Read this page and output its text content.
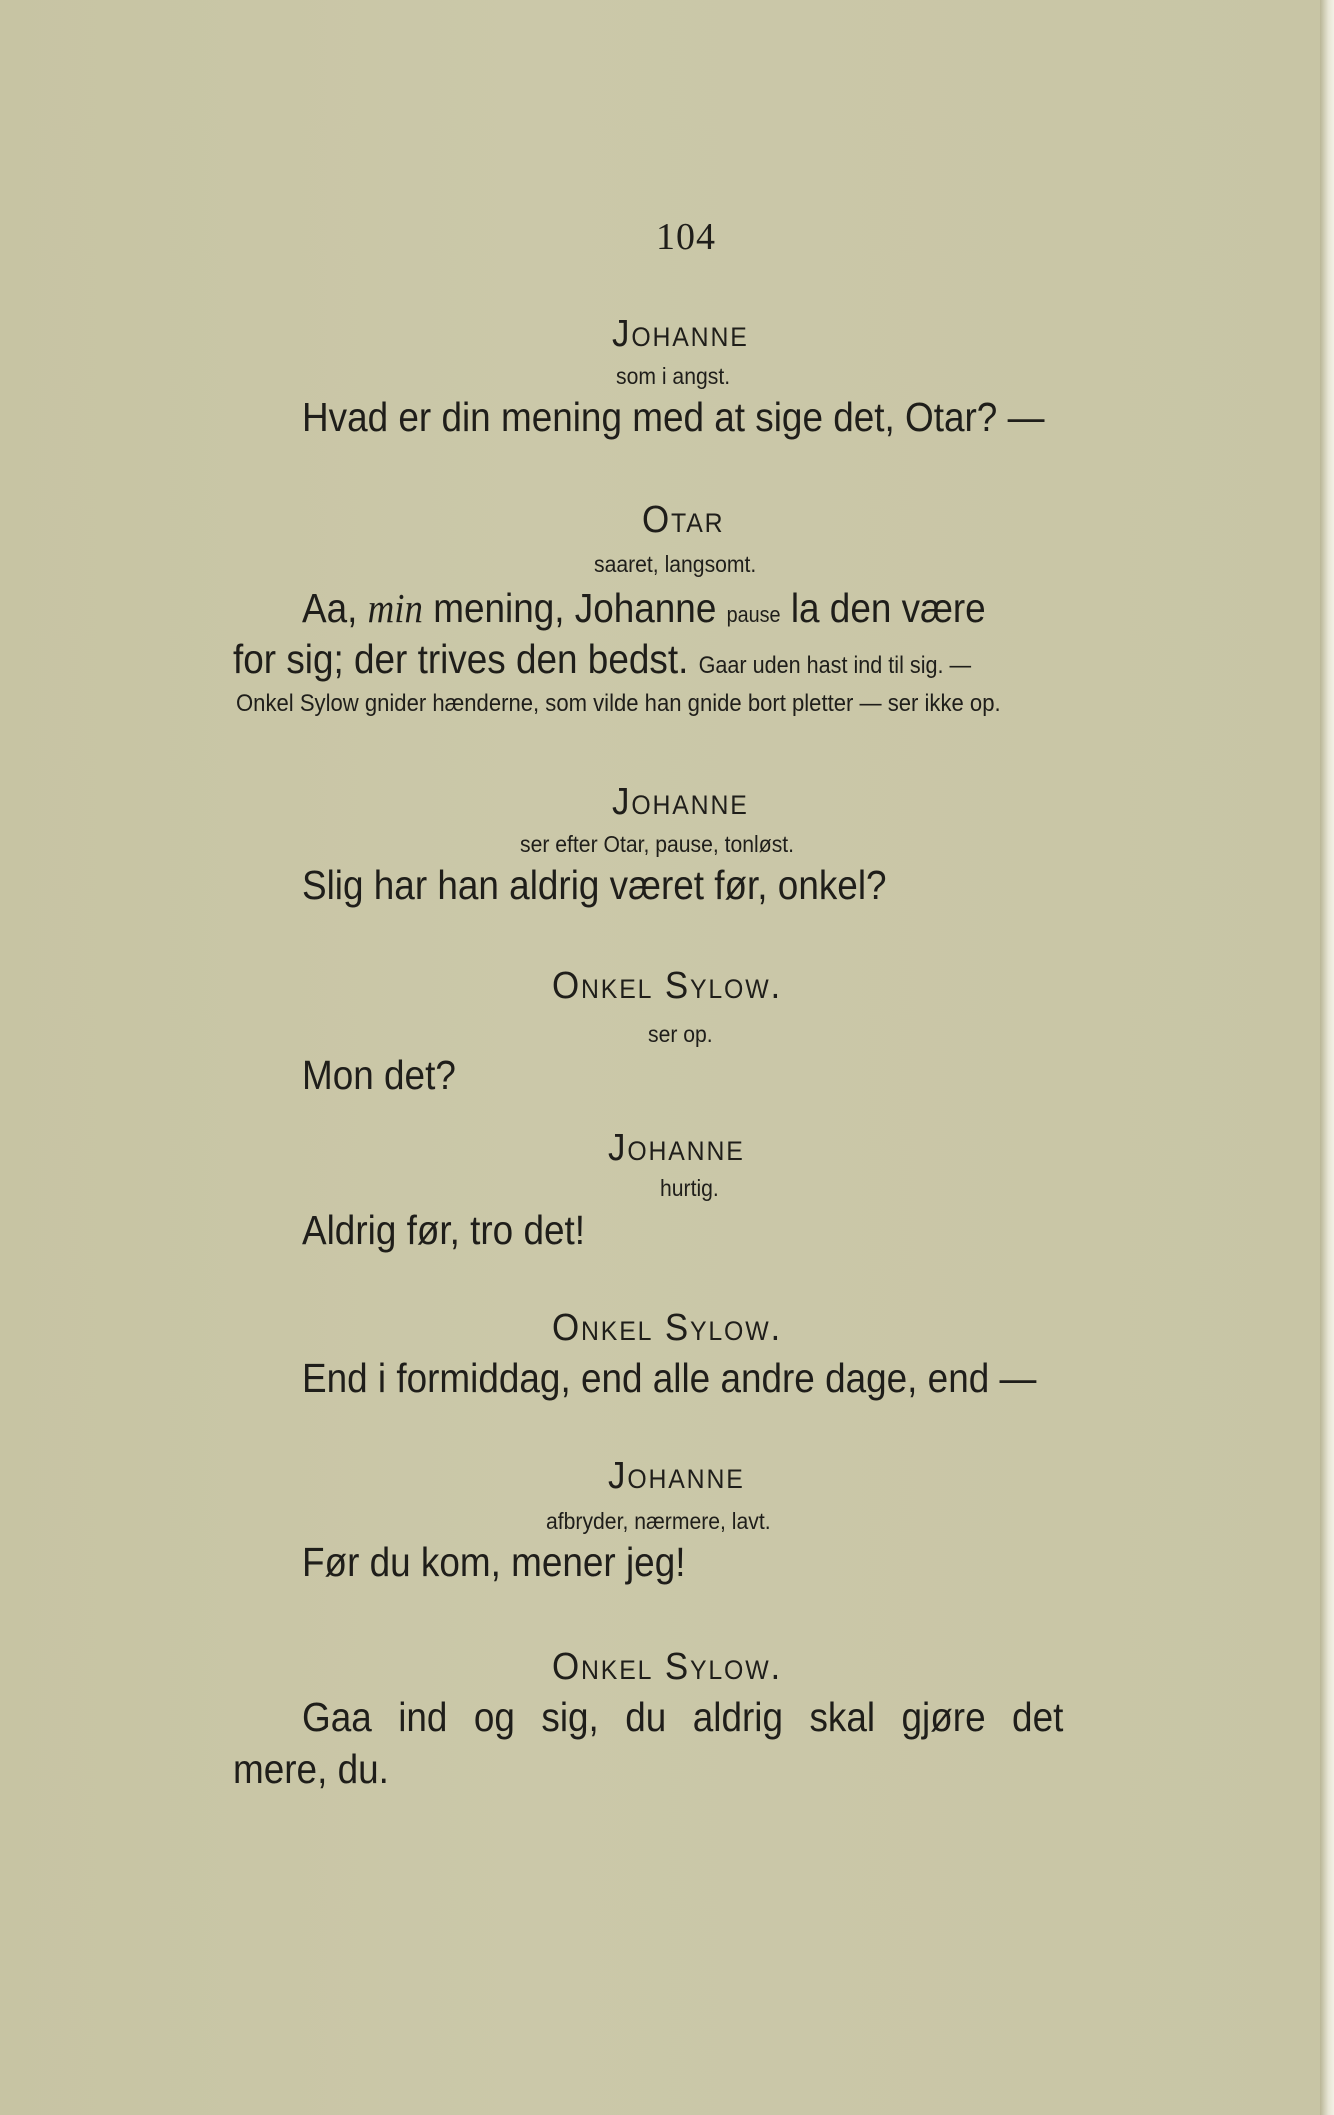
104
Johanne
som i angst.
Hvad er din mening med at sige det, Otar? —
Otar
saaret, langsomt.
Aa, min mening, Johanne pause la den være
for sig; der trives den bedst. Gaar uden hast ind til sig. —
Onkel Sylow gnider hænderne, som vilde han gnide bort pletter — ser ikke op.
Johanne
ser efter Otar, pause, tonløst.
Slig har han aldrig været før, onkel?
Onkel Sylow.
ser op.
Mon det?
Johanne
hurtig.
Aldrig før, tro det!
Onkel Sylow.
End i formiddag, end alle andre dage, end —
Johanne
afbryder, nærmere, lavt.
Før du kom, mener jeg!
Onkel Sylow.
Gaa ind og sig, du aldrig skal gjøre det
mere, du.
